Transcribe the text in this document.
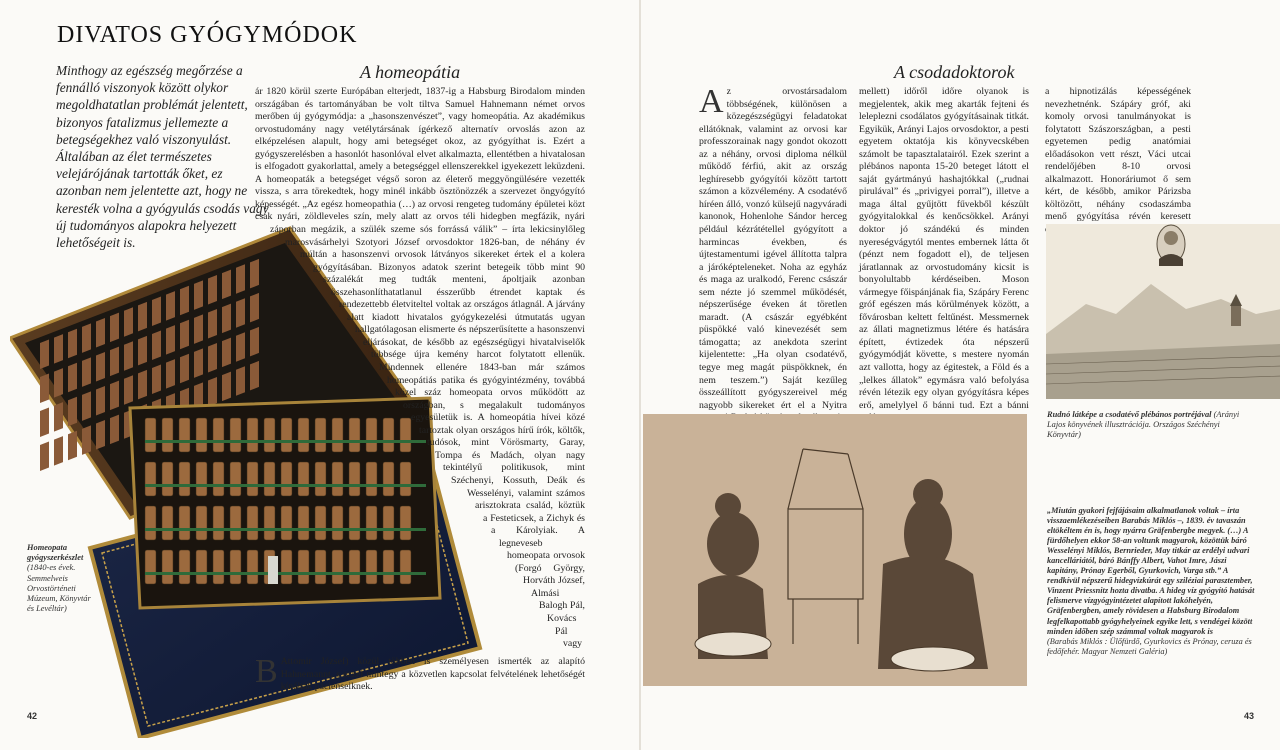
DIVATOS GYÓGYMÓDOK
Minthogy az egészség megőrzése a fennálló viszonyok között olykor megoldhatatlan problémát jelentett, bizonyos fatalizmus jellemezte a betegségekhez való viszonyulást. Általában az élet természetes velejárójának tartották őket, ez azonban nem jelentette azt, hogy ne keresték volna a gyógyulás csodás vagy új tudományos alapokra helyezett lehetőségeit is.
A homeopátia

B
ár 1820 körül szerte Európában elterjedt, 1837-ig a Habsburg Birodalom minden országában és tartományában be volt tiltva Samuel Hahnemann német orvos merőben új gyógymódja: a „hasonszenvészet”, vagy homeopátia. Az akadémikus orvostudomány nagy vetélytársának ígérkező alternatív orvoslás azon az elképzelésen alapult, hogy ami betegséget okoz, az gyógyíthat is. Ezért a gyógyszerelésben a hasonlót hasonlóval elvet alkalmazta, ellentétben a hivatalosan is elfogadott gyakorlattal, amely a betegséggel ellenszerekkel igyekezett leküzdeni. A homeopaták a betegséget végső soron az életerő meggyöngülésére vezették vissza, s arra törekedtek, hogy minél inkább ösztönözzék a szervezet öngyógyító képességét. „Az egész homeopathia (…) az orvosi rengeteg tudomány épületei közt csak nyári, zöldleveles szín, mely alatt az orvos téli hidegben megfázik, nyári záporban megázik, a szülék szeme sós forrássá válik” – írta lekicsinylőleg marosvásárhelyi Szotyori József orvosdoktor 1826-ban, de néhány év múltán a hasonszenvi orvosok látványos sikereket értek el a kolera gyógyításában. Bizonyos adatok szerint betegeik több mint 90 százalékát meg tudták menteni, ápoltjaik azonban összehasonlíthatatlanul ésszerűbb étrendet kaptak és rendezettebb életviteltel voltak az országos átlagnál. A járvány alatt kiadott hivatalos gyógykezelési útmutatás ugyan hallgatólagosan elismerte és népszerűsítette a hasonszenvi eljárásokat, de később az egészségügyi hivatalviselők többsége újra kemény harcot folytatott ellenük. Mindennek ellenére 1843-ban már számos homeopátiás patika és gyógyintézmény, továbbá közel száz homeopata orvos működött az országban, s megalakult tudományos egyesületük is. A homeopátia hívei közé tartoztak olyan országos hírű írók, költők, tudósok, mint Vörösmarty, Garay, Tompa és Madách, olyan nagy tekintélyű politikusok, mint Széchenyi, Kossuth, Deák és Wesselényi, valamint számos arisztokrata család, köztük a Festeticsek, a Zichyk és a Károlyiak. A legneveseb homeopata orvosok (Forgó György, Horváth József, Almási Balogh Pál, Kovács Pál vagy Attomir József) közül többen is személyesen ismerték az alapító Hahnemannt, s ezzel mintegy a közvetlen kapcsolat felvételének lehetőségét kínálták pácienseiknek.

Homeopata gyógyszerkészlet
(1840-es évek. Semmelweis Orvostörténeti Múzeum, Könyvtár és Levéltár)
42
A csodadoktorok

Az orvostársadalom többségének, különösen a közegészségügyi feladatokat ellátóknak, valamint az orvosi kar professzorainak nagy gondot okozott az a néhány, orvosi diploma nélkül működő férfiú, akit az ország leghíresebb gyógyítói között tartott számon a közvélemény. A csodatévő híréen álló, vonzó külsejű nagyváradi kanonok, Hohenlohe Sándor herceg például kézrátétellel gyógyított a harmincas években, és újtestamentumi igével állította talpra a járóképteleneket. Noha az egyház és maga az uralkodó, Ferenc császár sem nézte jó szemmel működését, népszerűsége éveken át töretlen maradt. (A császár egyébként püspökké való kinevezését sem támogatta; az anekdota szerint kijelentette: „Ha olyan csodatévő, tegye meg magát püspökknek, én nem teszem.”) Saját kezűleg összeállított gyógyszereivel még nagyobb sikereket ért el a Nyitra

mellett) időről időre olyanok is megjelentek, akik meg akarták fejteni és leleplezni csodálatos gyógyításainak titkát. Egyikük, Arányi Lajos orvosdoktor, a pesti egyetem oktatója kis könyvecskében számolt be tapasztalatairól. Ezek szerint a plébános naponta 15-20 beteget látott el saját gyártmányú hashajtókkal („rudnai pirulával” és „privigyei porral”), illetve a maga által gyűjtött fűvekből készült gyógyitalokkal és kenőcsökkel. Arányi doktor jó szándékú és minden nyereségvágytól mentes embernek látta őt (pénzt nem fogadott el), de teljesen járatlannak az orvostudomány kicsit is bonyolultabb kérdéseiben. Moson vármegye főispánjának fia, Szápáry Ferenc gróf egészen más körülmények között, a fővárosban keltett feltűnést. Messmernek az állati magnetizmus létére és hatására épített, évtizedek óta népszerű gyógymódját követte, s mestere nyomán azt vallotta, hogy az égitestek, a Föld és a „lelkes állatok” egymásra való befolyása révén létezik egy olyan gyógyításra képes erő, amelylyel ő bánni tud. Ezt a bánni
a hipnotizálás képességének nevezhetnénk. Szápáry gróf, aki komoly orvosi tanulmányokat is folytatott Szászországban, a pesti egyetemen pedig anatómiai előadásokon vett részt, Váci utcai rendelőjében 8-10 orvosi alkalmazott. Honoráriumot ő sem kért, de később, amikor Párizsba költözött, néhány csodaszámba menő gyógyítása révén keresett
Rudnó látképe a csodatévő plébános portréjával (Arányi Lajos könyvének illusztrációja. Országos Széchényi Könyvtár)
„Miután gyakori fejfájásaim alkalmatlanok voltak – írta visszaemlékezéseiben Barabás Miklós –, 1839. év tavaszán eltökéltem én is, hogy nyárra Gräfenbergbe megyek. (…) A fürdőhelyen ekkor 58-an voltunk magyarok, közöttük báró Wesselényi Miklós, Bernrieder, May titkár az erdélyi udvari kancelláriától, báró Bánffy Albert, Vahot Imre, Jászi kapitány, Prónay Egerből, Gyurkovich, Varga stb.” A rendkívül népszerű hidegvízkúrát egy sziléziai parasztember, Vinzent Priessnitz hozta divatba. A hideg víz gyógyító hatását felismerve vízgyógyintézetet alapított lakóhelyén, Gräfenbergben, amely rövidesen a Habsburg Birodalom legfelkapottabb gyógyhelyeinek egyike lett, s vendégei között minden időben szép számmal voltak magyarok is
(Barabás Miklós : Ülőfürdő, Gyurkovics és Prónay, ceruza és fedőfehér. Magyar Nemzeti Galéria)
43
